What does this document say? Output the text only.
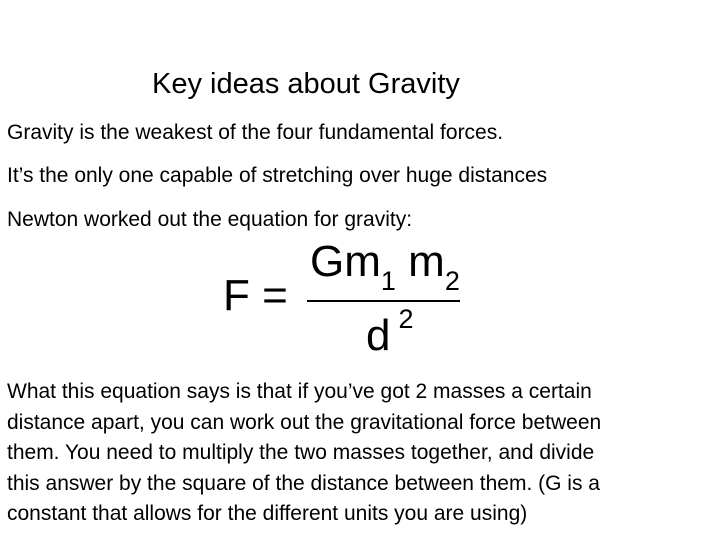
Key ideas about Gravity
Gravity is the weakest of the four fundamental forces.
It’s the only one capable of stretching over huge distances
Newton worked out the equation for gravity:
F =
$Gm_1$ $m_2$
d $^2$
What this equation says is that if you’ve got 2 masses a certain
distance apart, you can work out the gravitational force between
them. You need to multiply the two masses together, and divide
this answer by the square of the distance between them. (G is a
constant that allows for the different units you are using)
